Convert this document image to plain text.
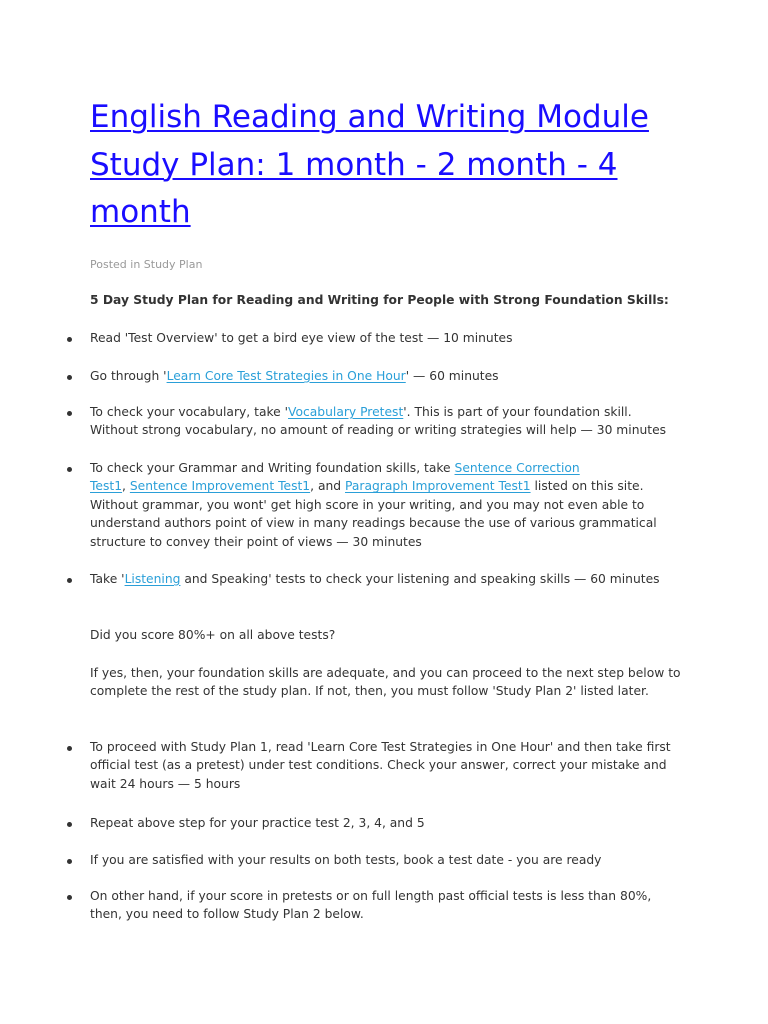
English Reading and Writing Module
Study Plan: 1 month - 2 month - 4
month
Posted in Study Plan
5 Day Study Plan for Reading and Writing for People with Strong Foundation Skills:
Read 'Test Overview' to get a bird eye view of the test — 10 minutes
Go through 'Learn Core Test Strategies in One Hour' — 60 minutes
To check your vocabulary, take 'Vocabulary Pretest'. This is part of your foundation skill.
Without strong vocabulary, no amount of reading or writing strategies will help — 30 minutes
To check your Grammar and Writing foundation skills, take Sentence Correction
Test1, Sentence Improvement Test1, and Paragraph Improvement Test1 listed on this site.
Without grammar, you wont' get high score in your writing, and you may not even able to
understand authors point of view in many readings because the use of various grammatical
structure to convey their point of views — 30 minutes
Take 'Listening and Speaking' tests to check your listening and speaking skills — 60 minutes
Did you score 80%+ on all above tests?
If yes, then, your foundation skills are adequate, and you can proceed to the next step below to
complete the rest of the study plan. If not, then, you must follow 'Study Plan 2' listed later.
To proceed with Study Plan 1, read 'Learn Core Test Strategies in One Hour' and then take first
official test (as a pretest) under test conditions. Check your answer, correct your mistake and
wait 24 hours — 5 hours
Repeat above step for your practice test 2, 3, 4, and 5
If you are satisfied with your results on both tests, book a test date - you are ready
On other hand, if your score in pretests or on full length past official tests is less than 80%,
then, you need to follow Study Plan 2 below.
